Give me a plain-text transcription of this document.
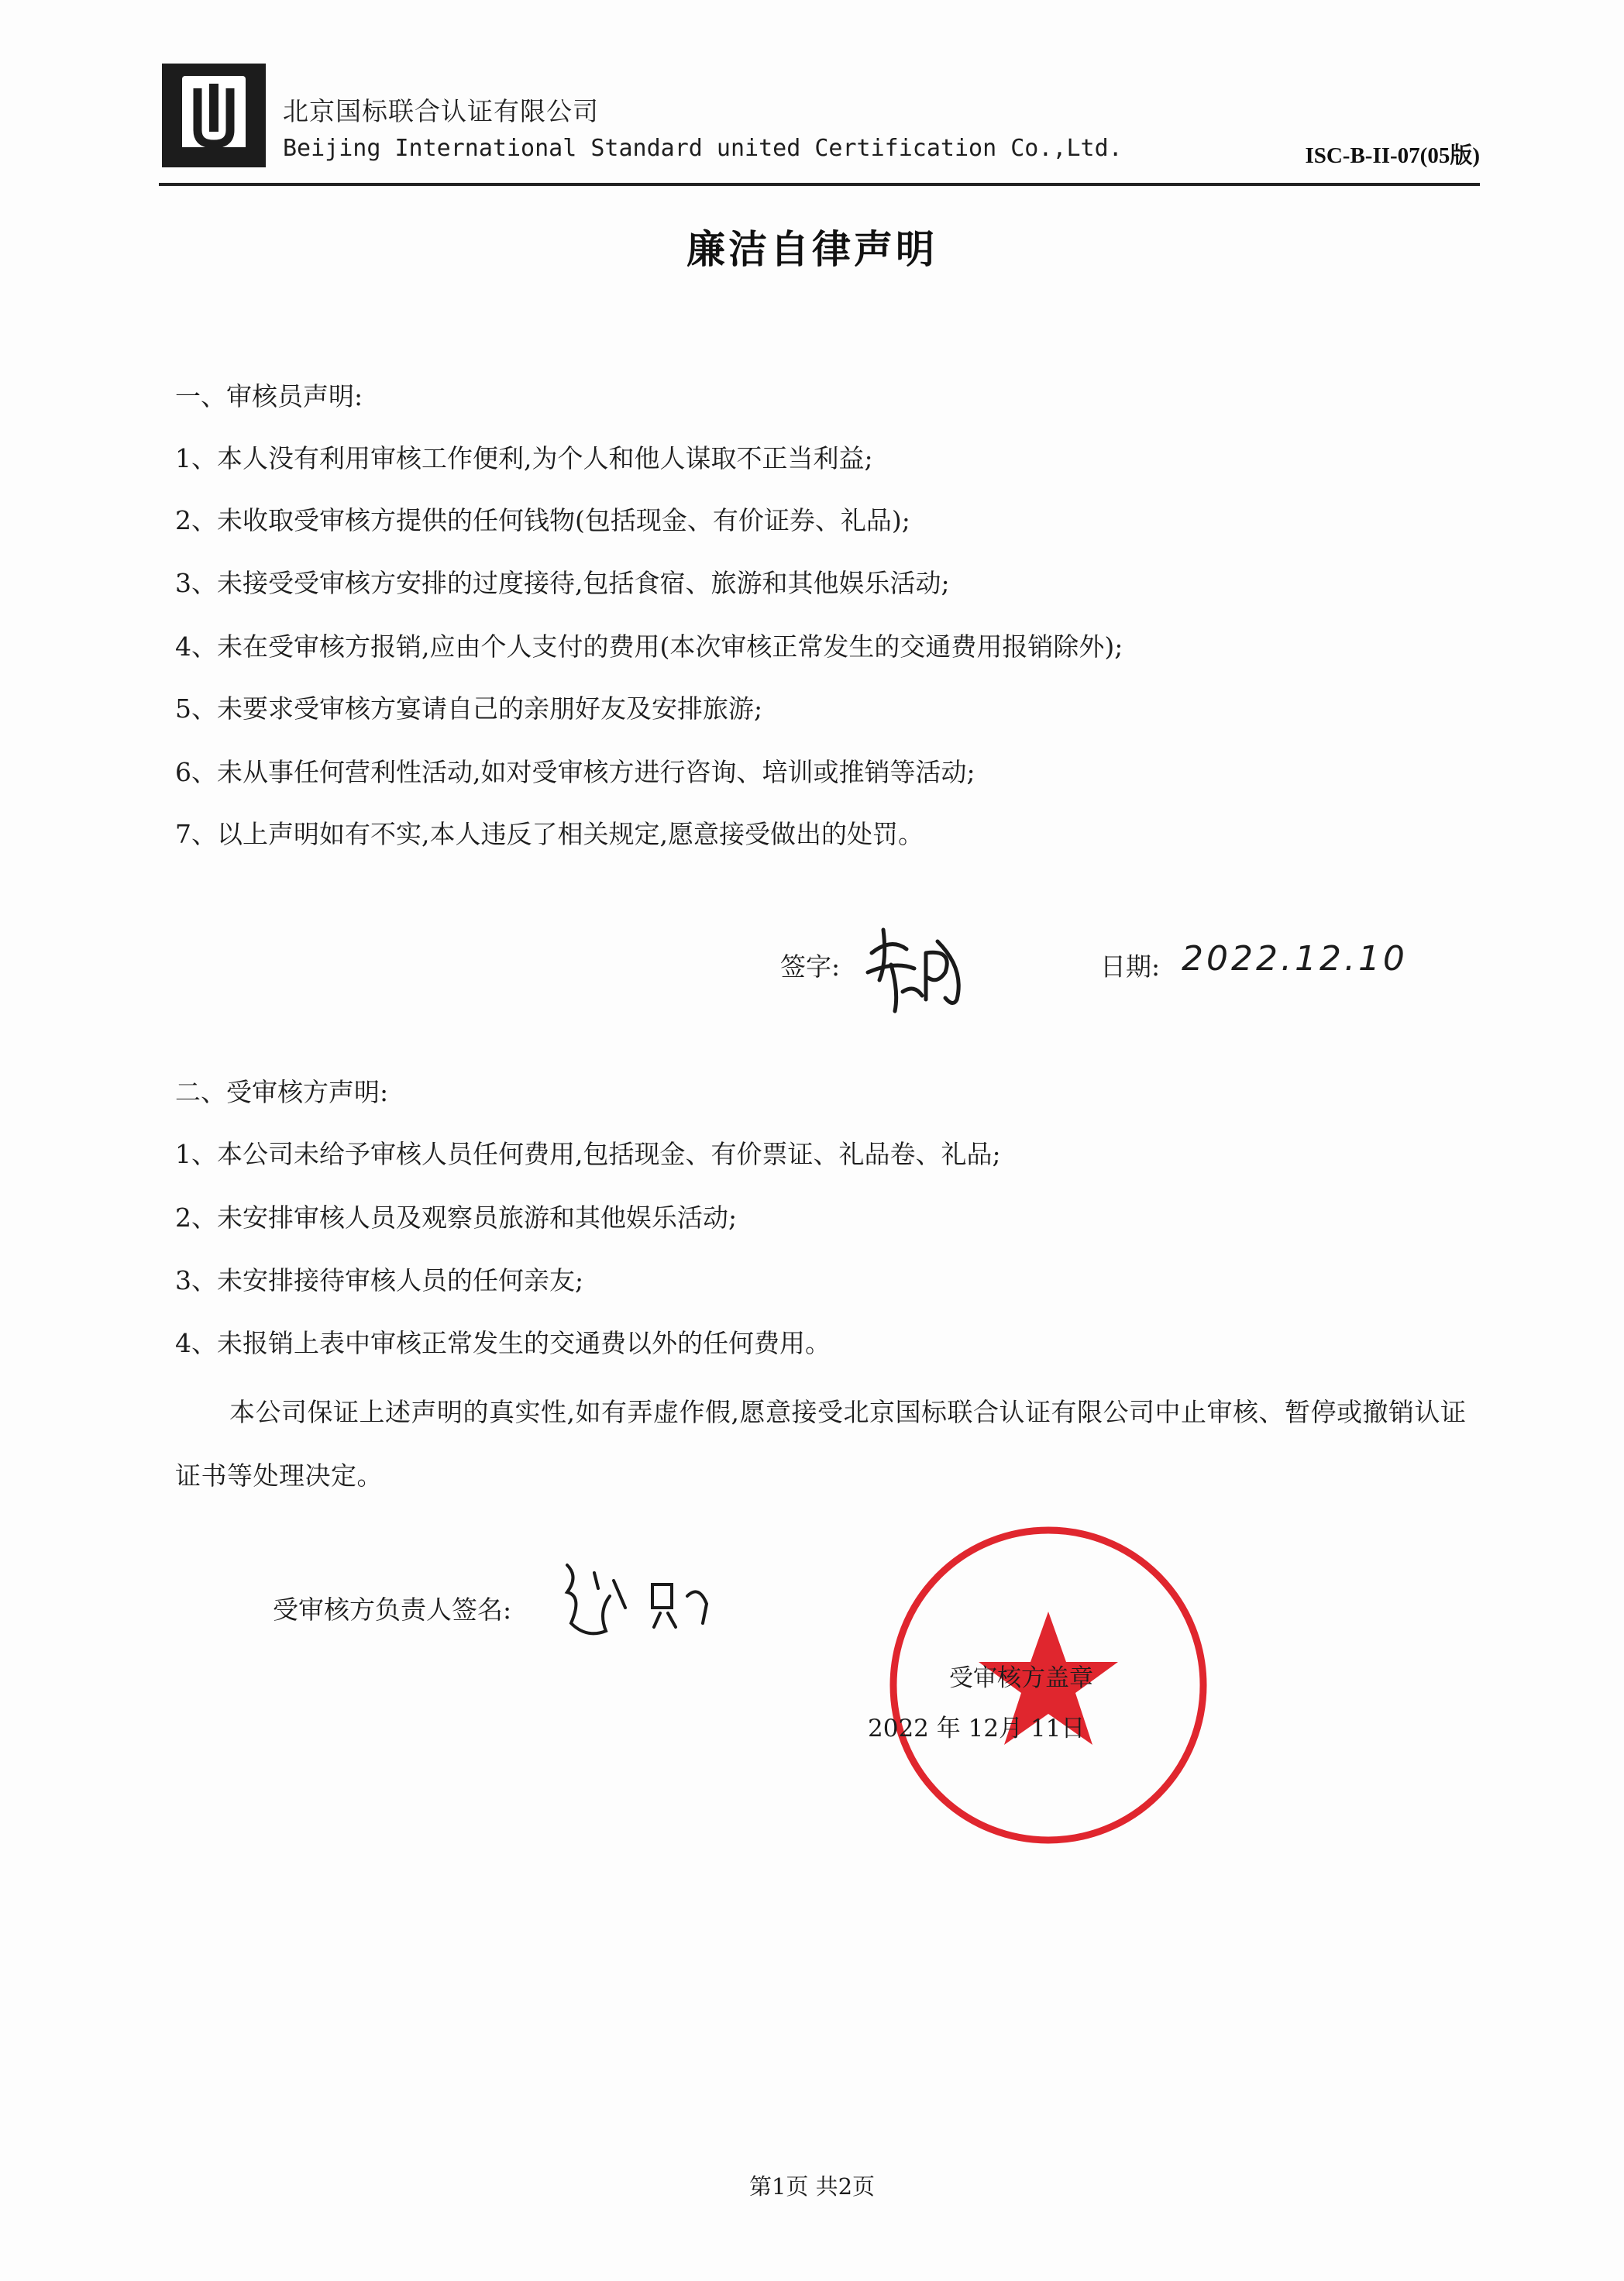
北京国标联合认证有限公司
Beijing International Standard united Certification Co.,Ltd.	ISC-B-II-07(05版)
廉洁自律声明
一、审核员声明:
1、本人没有利用审核工作便利,为个人和他人谋取不正当利益;
2、未收取受审核方提供的任何钱物(包括现金、有价证券、礼品);
3、未接受受审核方安排的过度接待,包括食宿、旅游和其他娱乐活动;
4、未在受审核方报销,应由个人支付的费用(本次审核正常发生的交通费用报销除外);
5、未要求受审核方宴请自己的亲朋好友及安排旅游;
6、未从事任何营利性活动,如对受审核方进行咨询、培训或推销等活动;
7、以上声明如有不实,本人违反了相关规定,愿意接受做出的处罚。
签字:	日期: 2022.12.10
二、受审核方声明:
1、本公司未给予审核人员任何费用,包括现金、有价票证、礼品卷、礼品;
2、未安排审核人员及观察员旅游和其他娱乐活动;
3、未安排接待审核人员的任何亲友;
4、未报销上表中审核正常发生的交通费以外的任何费用。
本公司保证上述声明的真实性,如有弄虚作假,愿意接受北京国标联合认证有限公司中止审核、暂停或撤销认证证书等处理决定。
受审核方负责人签名:
受审核方盖章
2022 年 12月 11日
第1页 共2页
